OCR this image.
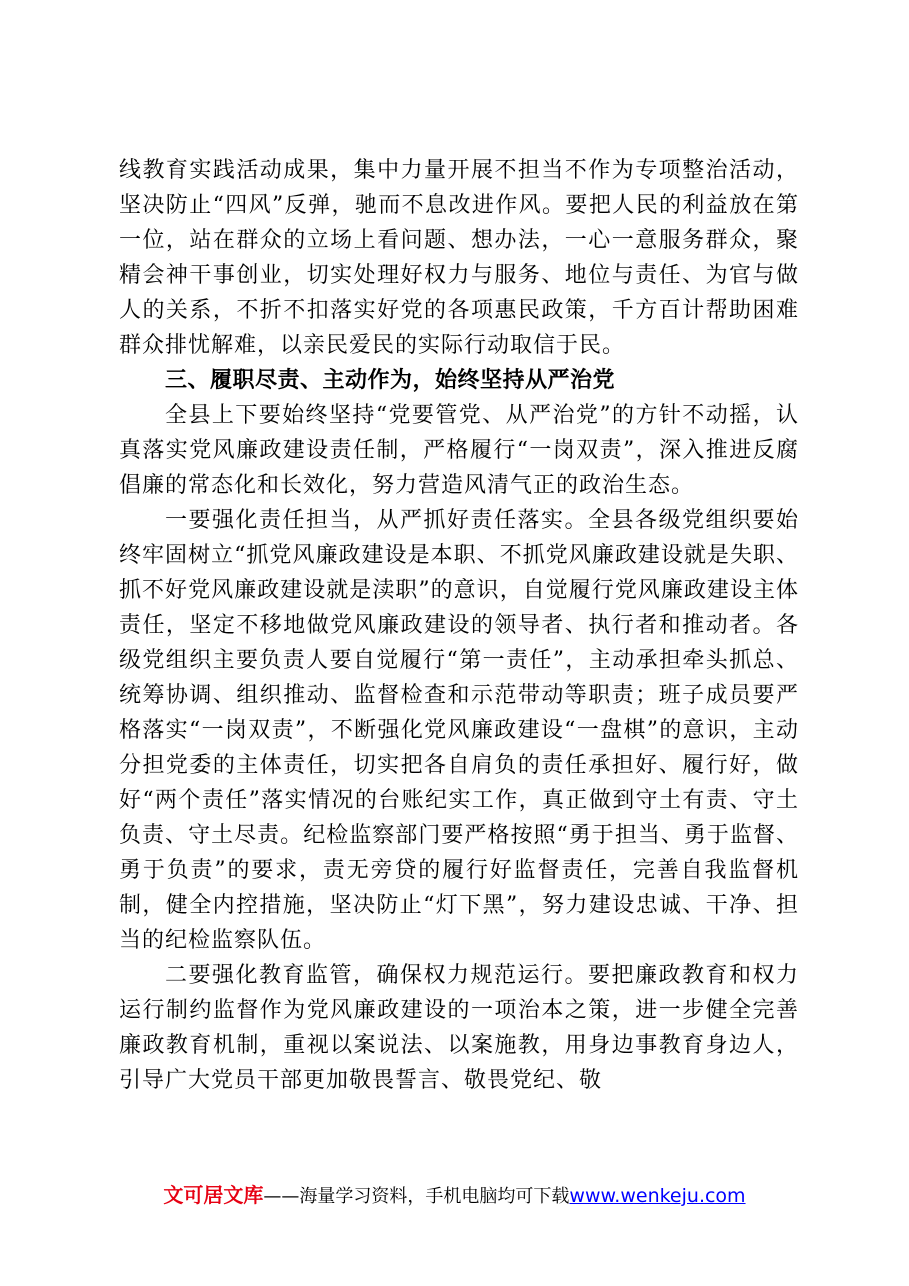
线教育实践活动成果，集中力量开展不担当不作为专项整治活动，坚决防止“四风”反弹，驰而不息改进作风。要把人民的利益放在第一位，站在群众的立场上看问题、想办法，一心一意服务群众，聚精会神干事创业，切实处理好权力与服务、地位与责任、为官与做人的关系，不折不扣落实好党的各项惠民政策，千方百计帮助困难群众排忧解难，以亲民爱民的实际行动取信于民。

三、履职尽责、主动作为，始终坚持从严治党

全县上下要始终坚持“党要管党、从严治党”的方针不动摇，认真落实党风廉政建设责任制，严格履行“一岗双责”，深入推进反腐倡廉的常态化和长效化，努力营造风清气正的政治生态。

一要强化责任担当，从严抓好责任落实。全县各级党组织要始终牢固树立“抓党风廉政建设是本职、不抓党风廉政建设就是失职、抓不好党风廉政建设就是渎职”的意识，自觉履行党风廉政建设主体责任，坚定不移地做党风廉政建设的领导者、执行者和推动者。各级党组织主要负责人要自觉履行“第一责任”，主动承担牵头抓总、统筹协调、组织推动、监督检查和示范带动等职责；班子成员要严格落实“一岗双责”，不断强化党风廉政建设“一盘棋”的意识，主动分担党委的主体责任，切实把各自肩负的责任承担好、履行好，做好“两个责任”落实情况的台账纪实工作，真正做到守土有责、守土负责、守土尽责。纪检监察部门要严格按照“勇于担当、勇于监督、勇于负责”的要求，责无旁贷的履行好监督责任，完善自我监督机制，健全内控措施，坚决防止“灯下黑”，努力建设忠诚、干净、担当的纪检监察队伍。

二要强化教育监管，确保权力规范运行。要把廉政教育和权力运行制约监督作为党风廉政建设的一项治本之策，进一步健全完善廉政教育机制，重视以案说法、以案施教，用身边事教育身边人，引导广大党员干部更加敬畏誓言、敬畏党纪、敬

文可居文库——海量学习资料，手机电脑均可下载www.wenkeju.com
